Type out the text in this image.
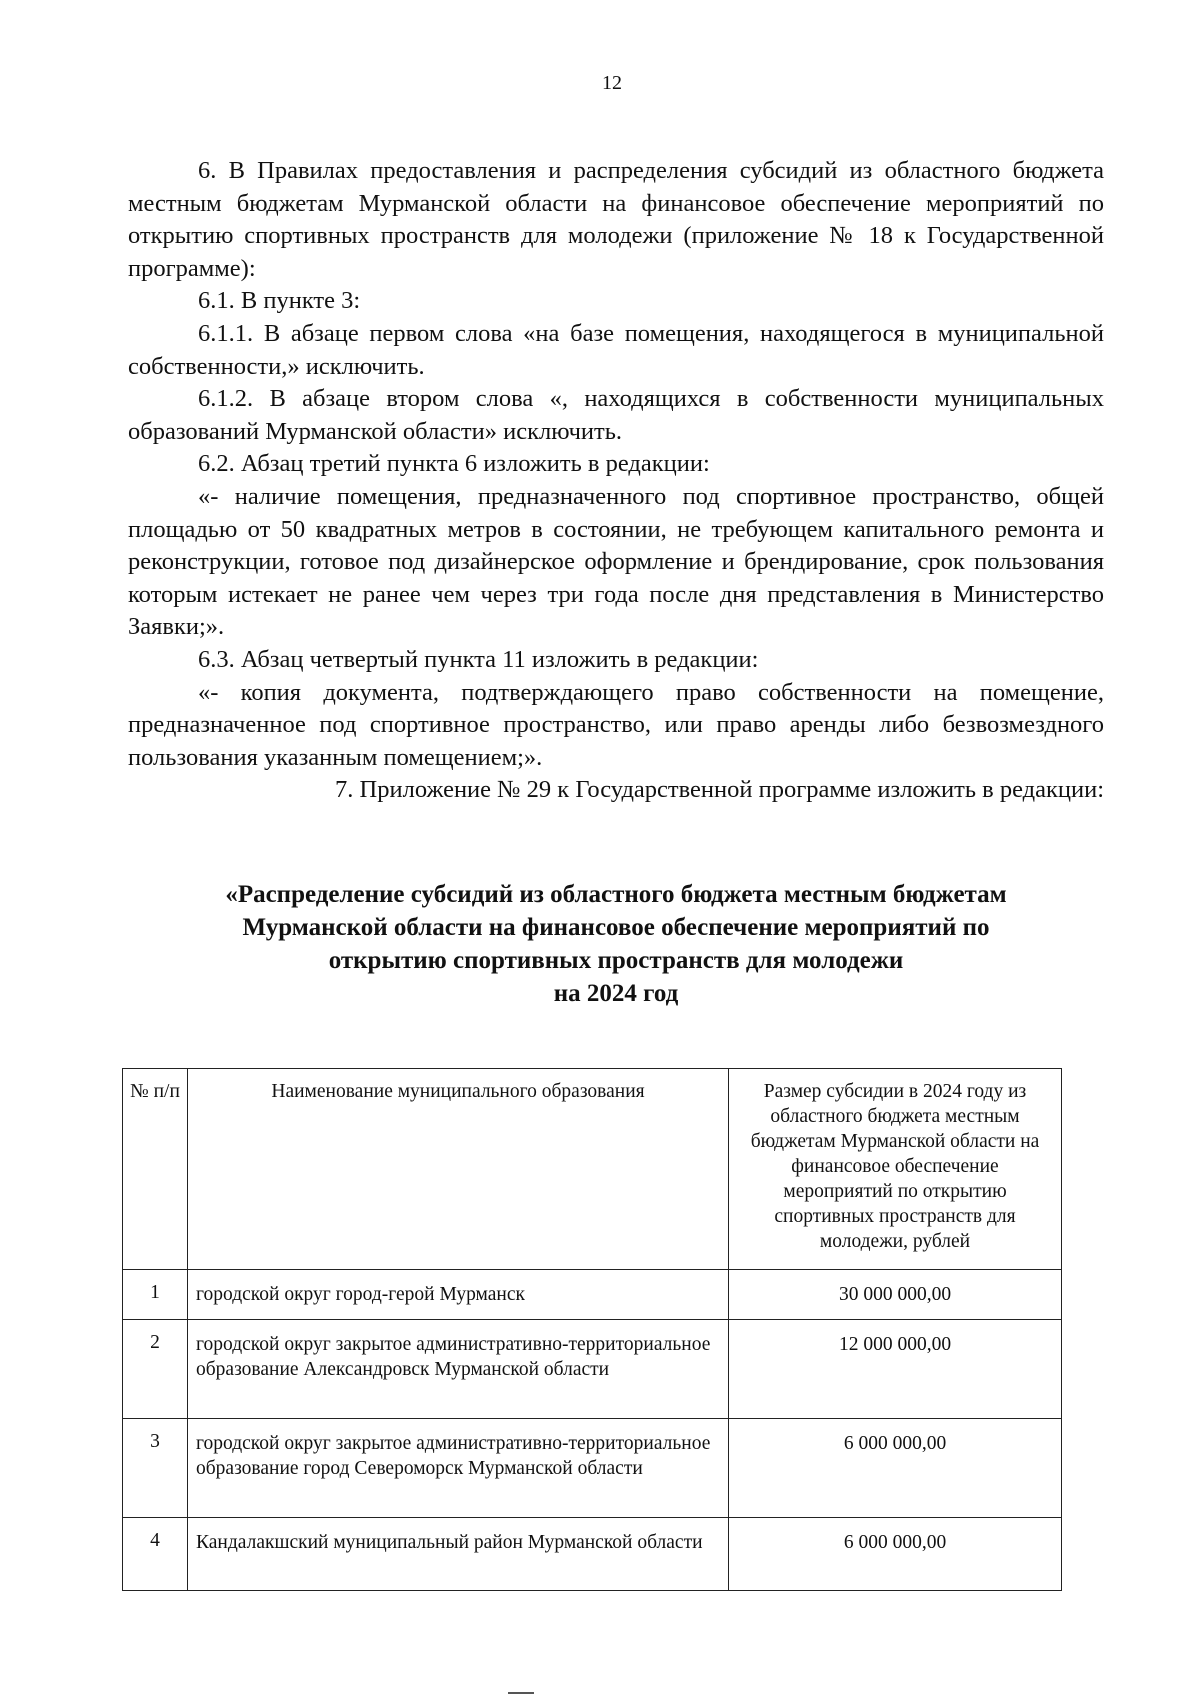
12

6. В Правилах предоставления и распределения субсидий из областного бюджета местным бюджетам Мурманской области на финансовое обеспечение мероприятий по открытию спортивных пространств для молодежи (приложение № 18 к Государственной программе):

6.1. В пункте 3:

6.1.1. В абзаце первом слова «на базе помещения, находящегося в муниципальной собственности,» исключить.

6.1.2. В абзаце втором слова «, находящихся в собственности муниципальных образований Мурманской области» исключить.

6.2. Абзац третий пункта 6 изложить в редакции:

«- наличие помещения, предназначенного под спортивное пространство, общей площадью от 50 квадратных метров в состоянии, не требующем капитального ремонта и реконструкции, готовое под дизайнерское оформление и брендирование, срок пользования которым истекает не ранее чем через три года после дня представления в Министерство Заявки;».

6.3. Абзац четвертый пункта 11 изложить в редакции:

«- копия документа, подтверждающего право собственности на помещение, предназначенное под спортивное пространство, или право аренды либо безвозмездного пользования указанным помещением;».

7. Приложение № 29 к Государственной программе изложить в редакции:

«Распределение субсидий из областного бюджета местным бюджетам
Мурманской области на финансовое обеспечение мероприятий по
открытию спортивных пространств для молодежи
на 2024 год
№ п/п	Наименование муниципального образования	Размер субсидии в 2024 году из областного бюджета местным бюджетам Мурманской области на финансовое обеспечение мероприятий по открытию спортивных пространств для молодежи, рублей
1	городской округ город-герой Мурманск	30 000 000,00
2	городской округ закрытое административно-территориальное образование Александровск Мурманской области	12 000 000,00
3	городской округ закрытое административно-территориальное образование город Североморск Мурманской области	6 000 000,00
4	Кандалакшский муниципальный район Мурманской области	6 000 000,00
